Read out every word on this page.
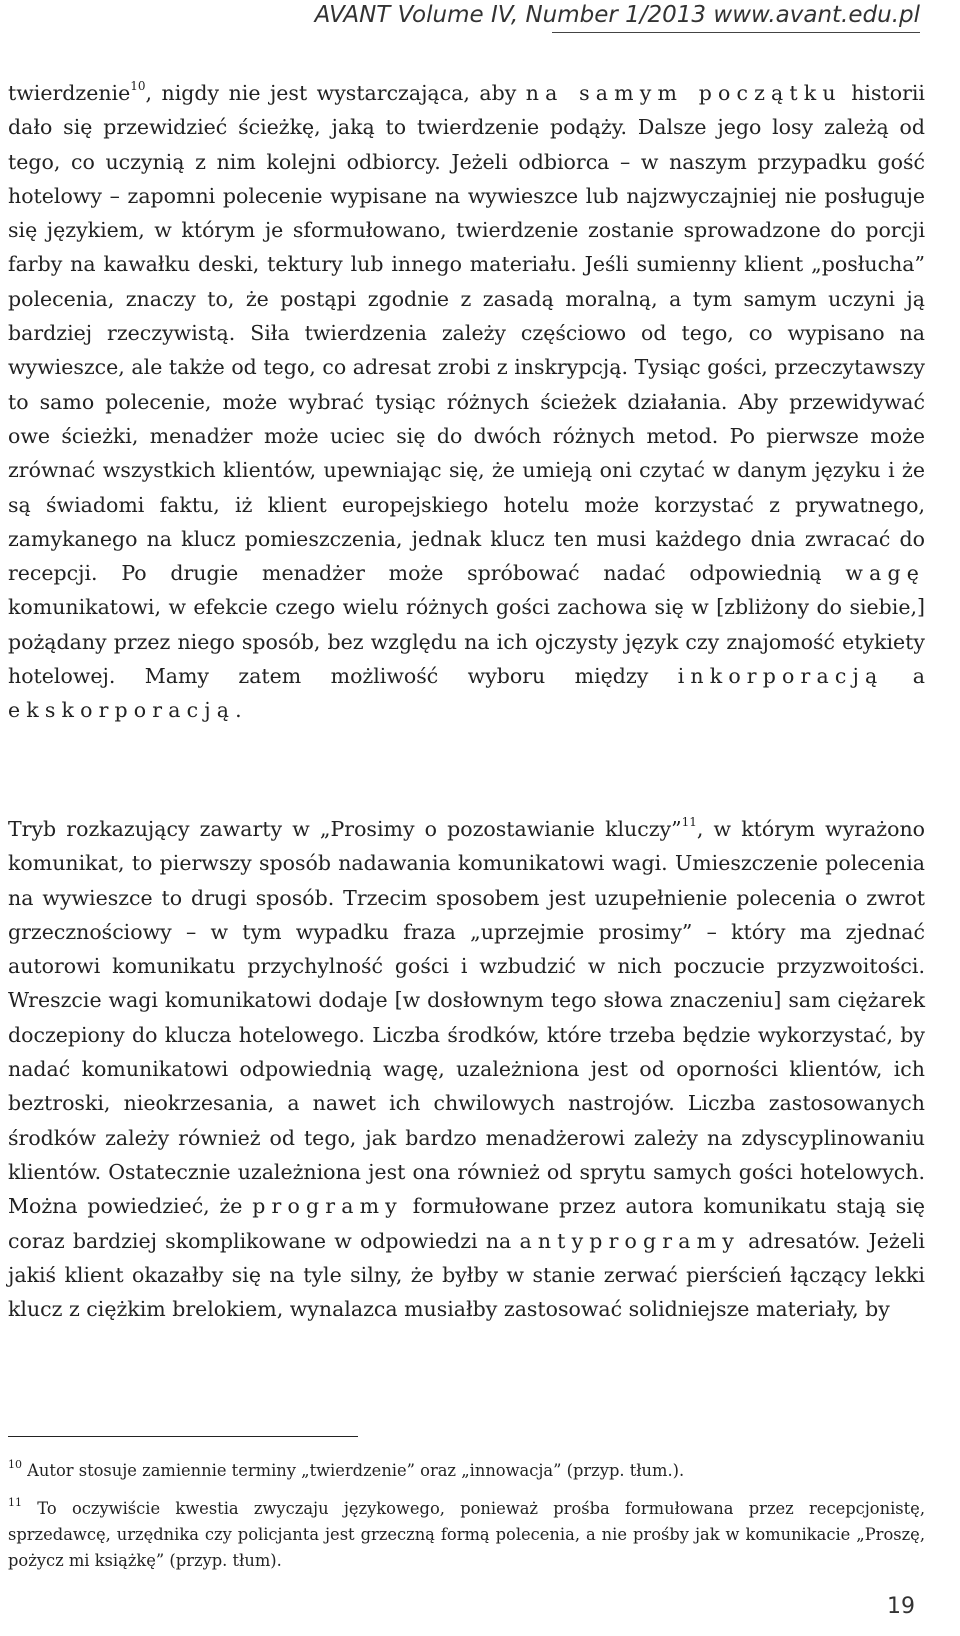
AVANT Volume IV, Number 1/2013 www.avant.edu.pl

twierdzenie$^{10}$, nigdy nie jest wystarczająca, aby na samym początku historii dało się przewidzieć ścieżkę, jaką to twierdzenie podąży. Dalsze jego losy zależą od tego, co uczynią z nim kolejni odbiorcy. Jeżeli odbiorca – w naszym przypadku gość hotelowy – zapomni polecenie wypisane na wywieszce lub najzwyczajniej nie posługuje się językiem, w którym je sformułowano, twierdzenie zostanie sprowadzone do porcji farby na kawałku deski, tektury lub innego materiału. Jeśli sumienny klient „posłucha” polecenia, znaczy to, że postąpi zgodnie z zasadą moralną, a tym samym uczyni ją bardziej rzeczywistą. Siła twierdzenia zależy częściowo od tego, co wypisano na wywieszce, ale także od tego, co adresat zrobi z inskrypcją. Tysiąc gości, przeczytawszy to samo polecenie, może wybrać tysiąc różnych ścieżek działania. Aby przewidywać owe ścieżki, menadżer może uciec się do dwóch różnych metod. Po pierwsze może zrównać wszystkich klientów, upewniając się, że umieją oni czytać w danym języku i że są świadomi faktu, iż klient europejskiego hotelu może korzystać z prywatnego, zamykanego na klucz pomieszczenia, jednak klucz ten musi każdego dnia zwracać do recepcji. Po drugie menadżer może spróbować nadać odpowiednią wagę komunikatowi, w efekcie czego wielu różnych gości zachowa się w [zbliżony do siebie,] pożądany przez niego sposób, bez względu na ich ojczysty język czy znajomość etykiety hotelowej. Mamy zatem możliwość wyboru między inkorporacją a ekskorporacją.

Tryb rozkazujący zawarty w „Prosimy o pozostawianie kluczy”$^{11}$, w którym wyrażono komunikat, to pierwszy sposób nadawania komunikatowi wagi. Umieszczenie polecenia na wywieszce to drugi sposób. Trzecim sposobem jest uzupełnienie polecenia o zwrot grzecznościowy – w tym wypadku fraza „uprzejmie prosimy” – który ma zjednać autorowi komunikatu przychylność gości i wzbudzić w nich poczucie przyzwoitości. Wreszcie wagi komunikatowi dodaje [w dosłownym tego słowa znaczeniu] sam ciężarek doczepiony do klucza hotelowego. Liczba środków, które trzeba będzie wykorzystać, by nadać komunikatowi odpowiednią wagę, uzależniona jest od oporności klientów, ich beztroski, nieokrzesania, a nawet ich chwilowych nastrojów. Liczba zastosowanych środków zależy również od tego, jak bardzo menadżerowi zależy na zdyscyplinowaniu klientów. Ostatecznie uzależniona jest ona również od sprytu samych gości hotelowych. Można powiedzieć, że programy formułowane przez autora komunikatu stają się coraz bardziej skomplikowane w odpowiedzi na antyprogramy adresatów. Jeżeli jakiś klient okazałby się na tyle silny, że byłby w stanie zerwać pierścień łączący lekki klucz z ciężkim brelokiem, wynalazca musiałby zastosować solidniejsze materiały, by

$^{10}$ Autor stosuje zamiennie terminy „twierdzenie” oraz „innowacja” (przyp. tłum.).

$^{11}$ To oczywiście kwestia zwyczaju językowego, ponieważ prośba formułowana przez recepcjonistę, sprzedawcę, urzędnika czy policjanta jest grzeczną formą polecenia, a nie prośby jak w komunikacie „Proszę, pożycz mi książkę” (przyp. tłum).

19
